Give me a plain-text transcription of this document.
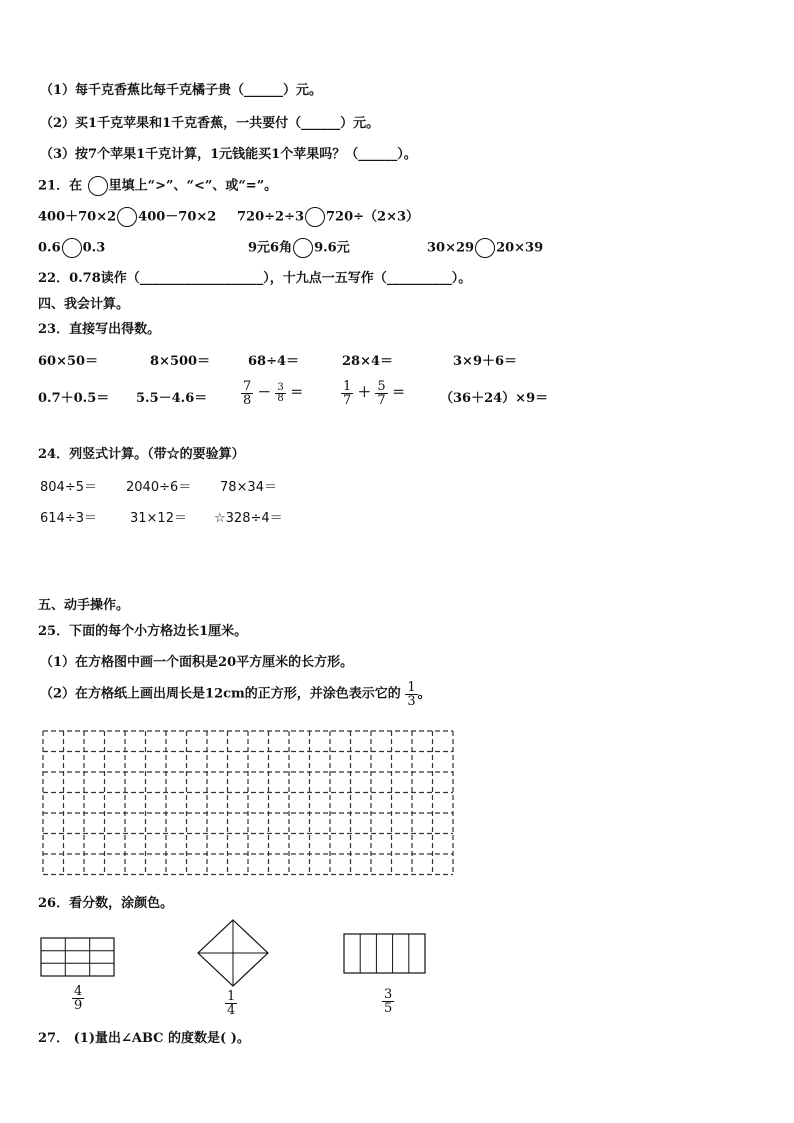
（1）每千克香蕉比每千克橘子贵（______）元。
（2）买1千克苹果和1千克香蕉，一共要付（______）元。
（3）按7个苹果1千克计算，1元钱能买1个苹果吗？（______）。
21．在 里填上“>”、“<”、或“=”。
400＋70×2 400－70×2 720÷2÷3 720÷（2×3）
0.6 0.3	9元6角 9.6元	30×29 20×39
22．0.78读作（___________________），十九点一五写作（__________）。
四、我会计算。
23．直接写出得数。
60×50＝	8×500＝	68÷4＝	28×4＝	3×9＋6＝
0.7＋0.5＝ 5.5－4.6＝	$\frac{7}{8} - \frac{3}{8}$ ＝	$\frac{1}{7} + \frac{5}{7}$ ＝	（36＋24）×9＝
24．列竖式计算。（带☆的要验算）
804÷5＝ 2040÷6＝ 78×34＝
614÷3＝	31×12＝ ☆328÷4＝
五、动手操作。
25．下面的每个小方格边长1厘米。
（1）在方格图中画一个面积是20平方厘米的长方形。
（2）在方格纸上画出周长是12cm的正方形，并涂色表示它的 $\frac{1}{3}$ 。
26．看分数，涂颜色。
$\frac{4}{9}$	$\frac{1}{4}$	$\frac{3}{5}$
27． (1)量出∠ABC 的度数是( )。
